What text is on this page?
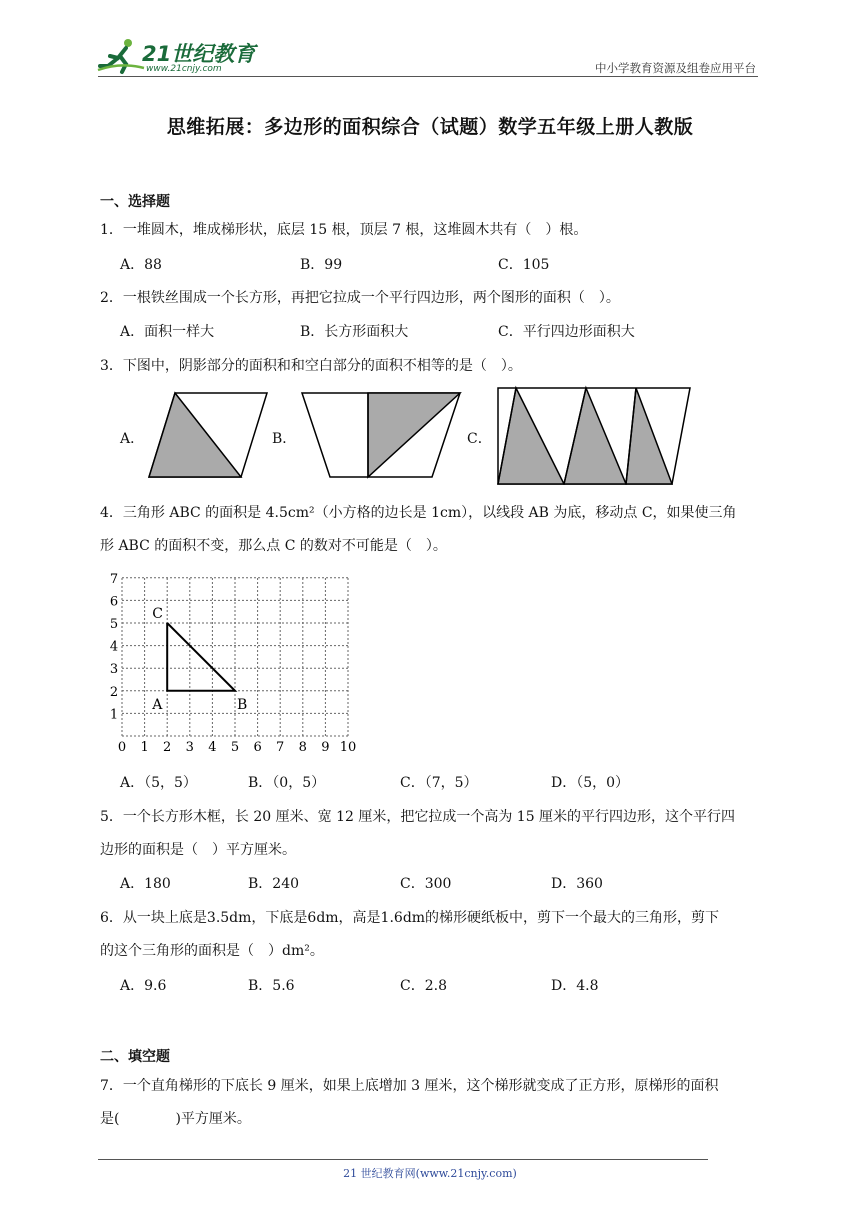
21世纪教育
www.21cnjy.com	中小学教育资源及组卷应用平台
思维拓展：多边形的面积综合（试题）数学五年级上册人教版
一、选择题
1．一堆圆木，堆成梯形状，底层 15 根，顶层 7 根，这堆圆木共有（　）根。
A．88	B．99	C．105
2．一根铁丝围成一个长方形，再把它拉成一个平行四边形，两个图形的面积（　）。
A．面积一样大	B．长方形面积大	C．平行四边形面积大
3．下图中，阴影部分的面积和和空白部分的面积不相等的是（　）。
A．	B．	C．
4．三角形 ABC 的面积是 4.5cm²（小方格的边长是 1cm），以线段 AB 为底，移动点 C，如果使三角
形 ABC 的面积不变，那么点 C 的数对不可能是（　）。
0 1 2 3 4 5 6 7 8 9 10
1
2
3
4
5
6
7
A	B
C
A．（5，5）	B．（0，5）	C．（7，5）	D．（5，0）
5．一个长方形木框，长 20 厘米、宽 12 厘米，把它拉成一个高为 15 厘米的平行四边形，这个平行四
边形的面积是（　）平方厘米。
A．180	B．240	C．300	D．360
6．从一块上底是3.5dm，下底是6dm，高是1.6dm的梯形硬纸板中，剪下一个最大的三角形，剪下
的这个三角形的面积是（　）dm²。
A．9.6	B．5.6	C．2.8	D．4.8
二、填空题
7．一个直角梯形的下底长 9 厘米，如果上底增加 3 厘米，这个梯形就变成了正方形，原梯形的面积
是(　　　　)平方厘米。
21 世纪教育网(www.21cnjy.com)
